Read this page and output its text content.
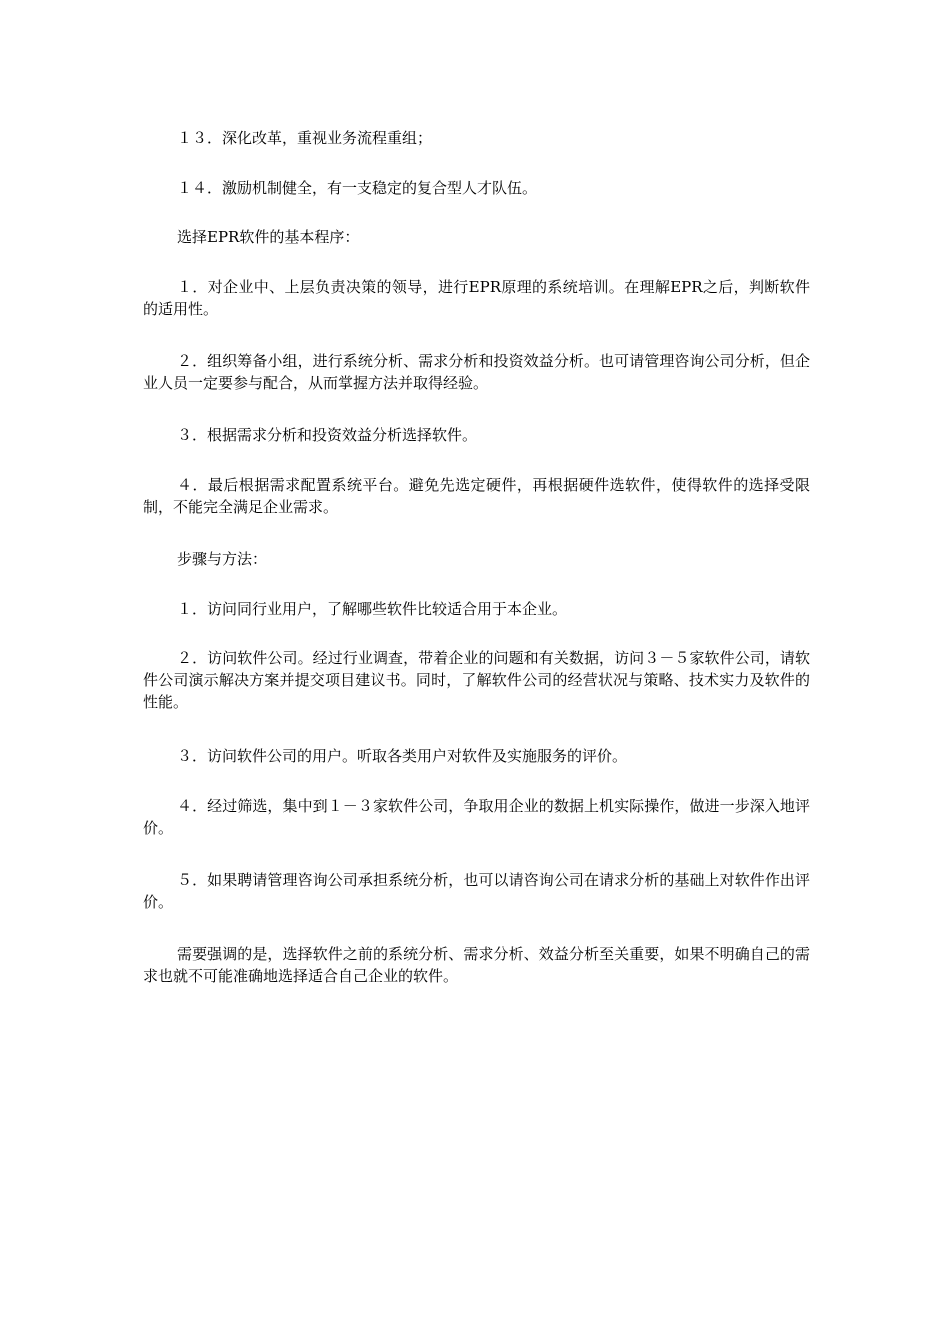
１３．深化改革，重视业务流程重组；

１４．激励机制健全，有一支稳定的复合型人才队伍。

选择EPR软件的基本程序：

１．对企业中、上层负责决策的领导，进行EPR原理的系统培训。在理解EPR之后，判断软件的适用性。

２．组织筹备小组，进行系统分析、需求分析和投资效益分析。也可请管理咨询公司分析，但企业人员一定要参与配合，从而掌握方法并取得经验。

３．根据需求分析和投资效益分析选择软件。

４．最后根据需求配置系统平台。避免先选定硬件，再根据硬件选软件，使得软件的选择受限制，不能完全满足企业需求。

步骤与方法：

１．访问同行业用户，了解哪些软件比较适合用于本企业。

２．访问软件公司。经过行业调查，带着企业的问题和有关数据，访问３－５家软件公司，请软件公司演示解决方案并提交项目建议书。同时，了解软件公司的经营状况与策略、技术实力及软件的性能。

３．访问软件公司的用户。听取各类用户对软件及实施服务的评价。

４．经过筛选，集中到１－３家软件公司，争取用企业的数据上机实际操作，做进一步深入地评价。

５．如果聘请管理咨询公司承担系统分析，也可以请咨询公司在请求分析的基础上对软件作出评价。

需要强调的是，选择软件之前的系统分析、需求分析、效益分析至关重要，如果不明确自己的需求也就不可能准确地选择适合自己企业的软件。
